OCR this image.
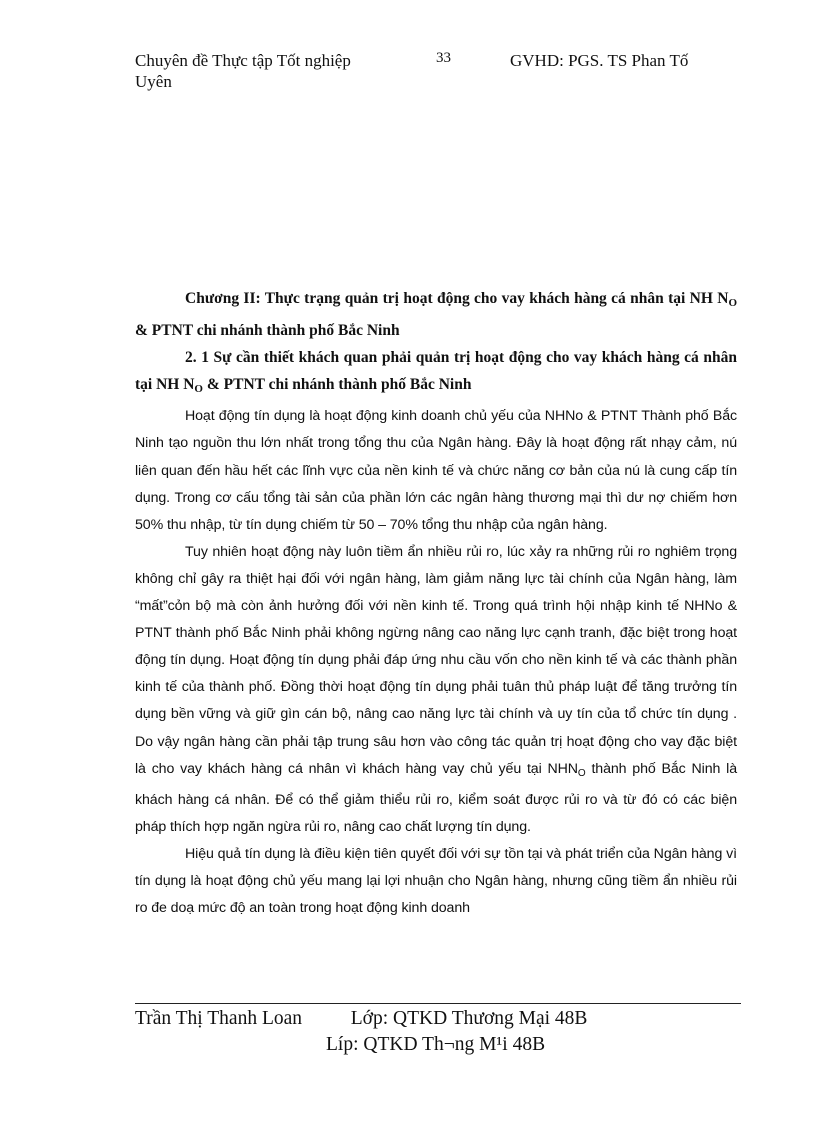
Chuyên đề Thực tập Tốt nghiệp
Uyên
33	GVHD: PGS. TS Phan Tố

Chương II: Thực trạng quản trị hoạt động cho vay khách hàng cá nhân tại NH $N_O$ & PTNT chi nhánh thành phố Bắc Ninh

2. 1 Sự cần thiết khách quan phải quản trị hoạt động cho vay khách hàng cá nhân tại NH $N_O$ & PTNT chi nhánh thành phố Bắc Ninh

Hoạt động tín dụng là hoạt động kinh doanh chủ yếu của NHNo & PTNT Thành phố Bắc Ninh tạo nguồn thu lớn nhất trong tổng thu của Ngân hàng. Đây là hoạt động rất nhạy cảm, nú liên quan đến hầu hết các lĩnh vực của nền kinh tế và chức năng cơ bản của nú là cung cấp tín dụng. Trong cơ cấu tổng tài sản của phần lớn các ngân hàng thương mại thì dư nợ chiếm hơn 50% thu nhập, từ tín dụng chiếm từ 50 – 70% tổng thu nhập của ngân hàng.

Tuy nhiên hoạt động này luôn tiềm ẩn nhiều rủi ro, lúc xảy ra những rủi ro nghiêm trọng không chỉ gây ra thiệt hại đối với ngân hàng, làm giảm năng lực tài chính của Ngân hàng, làm “mất”cỏn bộ mà còn ảnh hưởng đối với nền kinh tế. Trong quá trình hội nhập kinh tế NHNo & PTNT thành phố Bắc Ninh phải không ngừng nâng cao năng lực cạnh tranh, đặc biệt trong hoạt động tín dụng. Hoạt động tín dụng phải đáp ứng nhu cầu vốn cho nền kinh tế và các thành phần kinh tế của thành phố. Đồng thời hoạt động tín dụng phải tuân thủ pháp luật để tăng trưởng tín dụng bền vững và giữ gìn cán bộ, nâng cao năng lực tài chính và uy tín của tổ chức tín dụng . Do vậy ngân hàng cần phải tập trung sâu hơn vào công tác quản trị hoạt động cho vay đặc biệt là cho vay khách hàng cá nhân vì khách hàng vay chủ yếu tại $NHN_O$ thành phố Bắc Ninh là khách hàng cá nhân. Để có thể giảm thiểu rủi ro, kiểm soát được rủi ro và từ đó có các biện pháp thích hợp ngăn ngừa rủi ro, nâng cao chất lượng tín dụng.

Hiệu quả tín dụng là điều kiện tiên quyết đối với sự tồn tại và phát triển của Ngân hàng vì tín dụng là hoạt động chủ yếu mang lại lợi nhuận cho Ngân hàng, nhưng cũng tiềm ẩn nhiều rủi ro đe doạ mức độ an toàn trong hoạt động kinh doanh

Trần Thị Thanh Loan	Lớp: QTKD Thương Mại 48B
Líp: QTKD Th¬ng M¹i 48B
